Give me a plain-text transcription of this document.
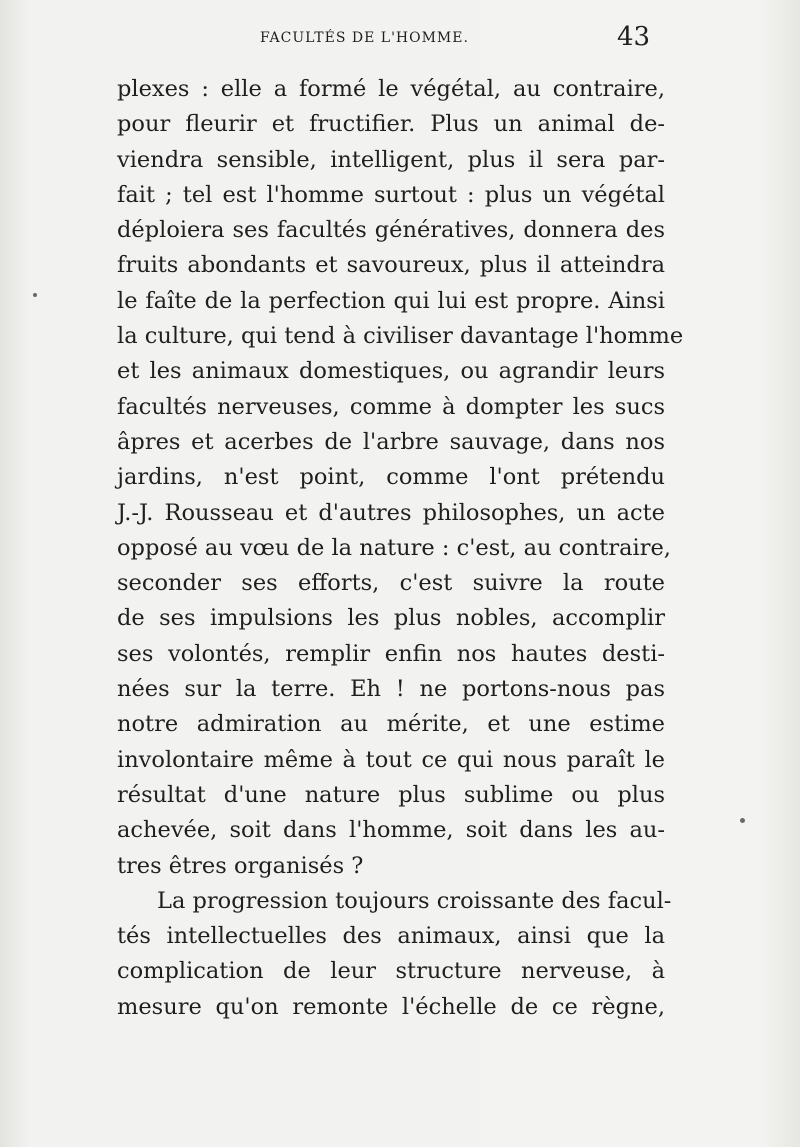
FACULTÉS DE L'HOMME.	43
plexes : elle a formé le végétal, au contraire,
pour fleurir et fructifier. Plus un animal de-
viendra sensible, intelligent, plus il sera par-
fait ; tel est l'homme surtout : plus un végétal
déploiera ses facultés génératives, donnera des
fruits abondants et savoureux, plus il atteindra
le faîte de la perfection qui lui est propre. Ainsi
la culture, qui tend à civiliser davantage l'homme
et les animaux domestiques, ou agrandir leurs
facultés nerveuses, comme à dompter les sucs
âpres et acerbes de l'arbre sauvage, dans nos
jardins, n'est point, comme l'ont prétendu
J.-J. Rousseau et d'autres philosophes, un acte
opposé au vœu de la nature : c'est, au contraire,
seconder ses efforts, c'est suivre la route
de ses impulsions les plus nobles, accomplir
ses volontés, remplir enfin nos hautes desti-
nées sur la terre. Eh ! ne portons-nous pas
notre admiration au mérite, et une estime
involontaire même à tout ce qui nous paraît le
résultat d'une nature plus sublime ou plus
achevée, soit dans l'homme, soit dans les au-
tres êtres organisés ?
La progression toujours croissante des facul-
tés intellectuelles des animaux, ainsi que la
complication de leur structure nerveuse, à
mesure qu'on remonte l'échelle de ce règne,
